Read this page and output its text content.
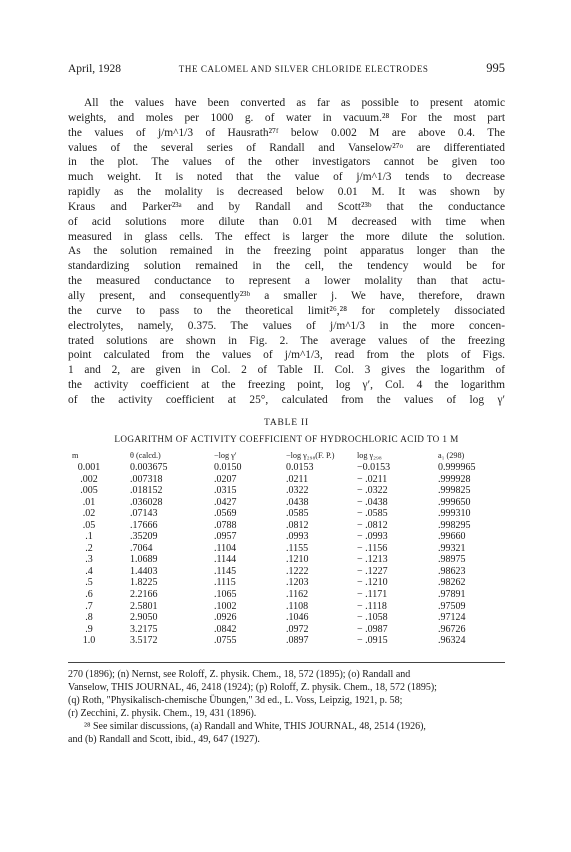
April, 1928	THE CALOMEL AND SILVER CHLORIDE ELECTRODES	995
All the values have been converted as far as possible to present atomic
weights, and moles per 1000 g. of water in vacuum.²⁸ For the most part
the values of j/m^1/3 of Hausrath²⁷ᶠ below 0.002 M are above 0.4. The
values of the several series of Randall and Vanselow²⁷ᵒ are differentiated
in the plot. The values of the other investigators cannot be given too
much weight. It is noted that the value of j/m^1/3 tends to decrease
rapidly as the molality is decreased below 0.01 M. It was shown by
Kraus and Parker²³ᵃ and by Randall and Scott²³ᵇ that the conductance
of acid solutions more dilute than 0.01 M decreased with time when
measured in glass cells. The effect is larger the more dilute the solution.
As the solution remained in the freezing point apparatus longer than the
standardizing solution remained in the cell, the tendency would be for
the measured conductance to represent a lower molality than that actu-
ally present, and consequently²³ᵇ a smaller j. We have, therefore, drawn
the curve to pass to the theoretical limit²⁶,²⁸ for completely dissociated
electrolytes, namely, 0.375. The values of j/m^1/3 in the more concen-
trated solutions are shown in Fig. 2. The average values of the freezing
point calculated from the values of j/m^1/3, read from the plots of Figs.
1 and 2, are given in Col. 2 of Table II. Col. 3 gives the logarithm of
the activity coefficient at the freezing point, log γ′, Col. 4 the logarithm
of the activity coefficient at 25°, calculated from the values of log γ′
TABLE II
LOGARITHM OF ACTIVITY COEFFICIENT OF HYDROCHLORIC ACID TO 1 M
m	θ (calcd.)	−log γ′	−log γ₂₉₈(F. P.)	log γ₂₉₈	a₁ (298)
0.001	0.003675	0.0150	0.0153	−0.0153	0.999965
.002	.007318	.0207	.0211	− .0211	.999928
.005	.018152	.0315	.0322	− .0322	.999825
.01	.036028	.0427	.0438	− .0438	.999650
.02	.07143	.0569	.0585	− .0585	.999310
.05	.17666	.0788	.0812	− .0812	.998295
.1	.35209	.0957	.0993	− .0993	.99660
.2	.7064	.1104	.1155	− .1156	.99321
.3	1.0689	.1144	.1210	− .1213	.98975
.4	1.4403	.1145	.1222	− .1227	.98623
.5	1.8225	.1115	.1203	− .1210	.98262
.6	2.2166	.1065	.1162	− .1171	.97891
.7	2.5801	.1002	.1108	− .1118	.97509
.8	2.9050	.0926	.1046	− .1058	.97124
.9	3.2175	.0842	.0972	− .0987	.96726
1.0	3.5172	.0755	.0897	− .0915	.96324
270 (1896); (n) Nernst, see Roloff, Z. physik. Chem., 18, 572 (1895); (o) Randall and
Vanselow, THIS JOURNAL, 46, 2418 (1924); (p) Roloff, Z. physik. Chem., 18, 572 (1895);
(q) Roth, "Physikalisch-chemische Übungen," 3d ed., L. Voss, Leipzig, 1921, p. 58;
(r) Zecchini, Z. physik. Chem., 19, 431 (1896).
²⁸ See similar discussions, (a) Randall and White, THIS JOURNAL, 48, 2514 (1926),
and (b) Randall and Scott, ibid., 49, 647 (1927).
